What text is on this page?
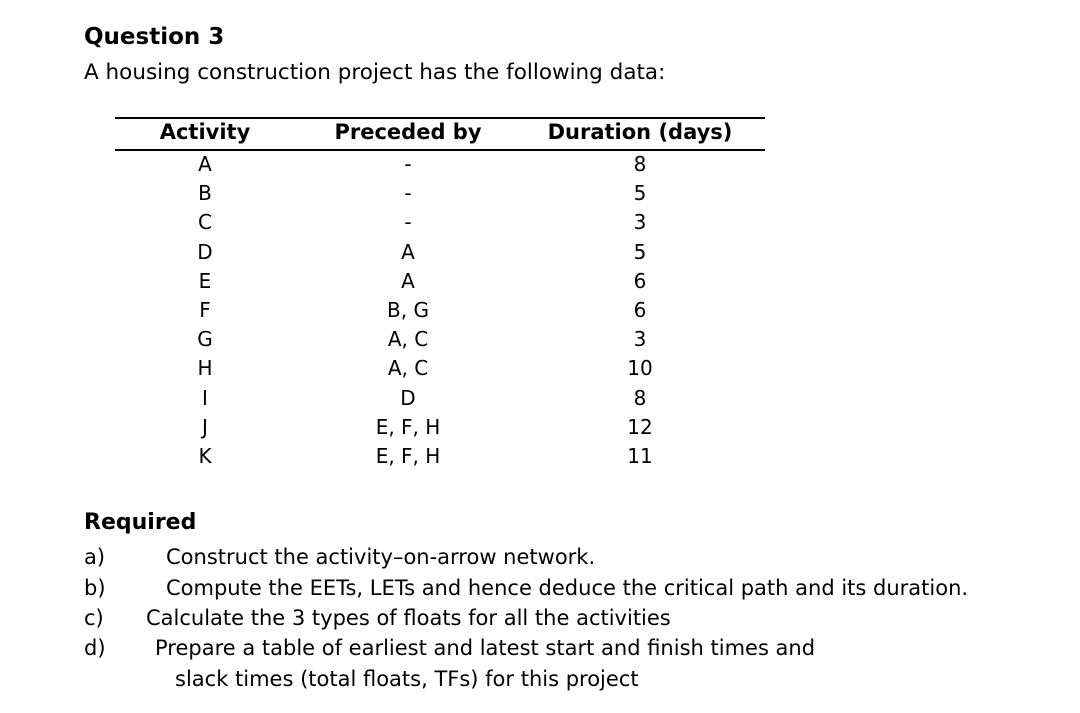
Question 3
A housing construction project has the following data:
Activity	Preceded by	Duration (days)
A	-	8
B	-	5
C	-	3
D	A	5
E	A	6
F	B, G	6
G	A, C	3
H	A, C	10
I	D	8
J	E, F, H	12
K	E, F, H	11
Required
a)	Construct the activity–on-arrow network.
b)	Compute the EETs, LETs and hence deduce the critical path and its duration.
c) Calculate the 3 types of floats for all the activities
d) Prepare a table of earliest and latest start and finish times and
slack times (total floats, TFs) for this project
